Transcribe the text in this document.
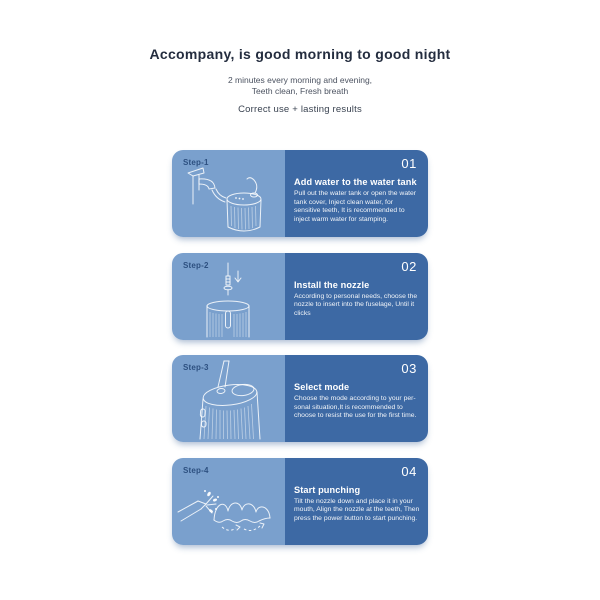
Accompany, is good morning to good night

2 minutes every morning and evening,
Teeth clean, Fresh breath

Correct use + lasting results

Step-1	01
Add water to the water tank

Pull out the water tank or open the water tank cover, Inject clean water, for sensitive teeth, It is recommended to inject warm water for stamping.

Step-2	02
Install the nozzle

According to personal needs, choose the nozzle to insert into the fuselage, Until it clicks

Step-3	03
Select mode

Choose the mode according to your per-sonal situation,It is recommended to choose to resist the use for the first time.

Step-4	04
Start punching

Tilt the nozzle down and place it in your mouth, Align the nozzle at the teeth, Then press the power button to start punching.
